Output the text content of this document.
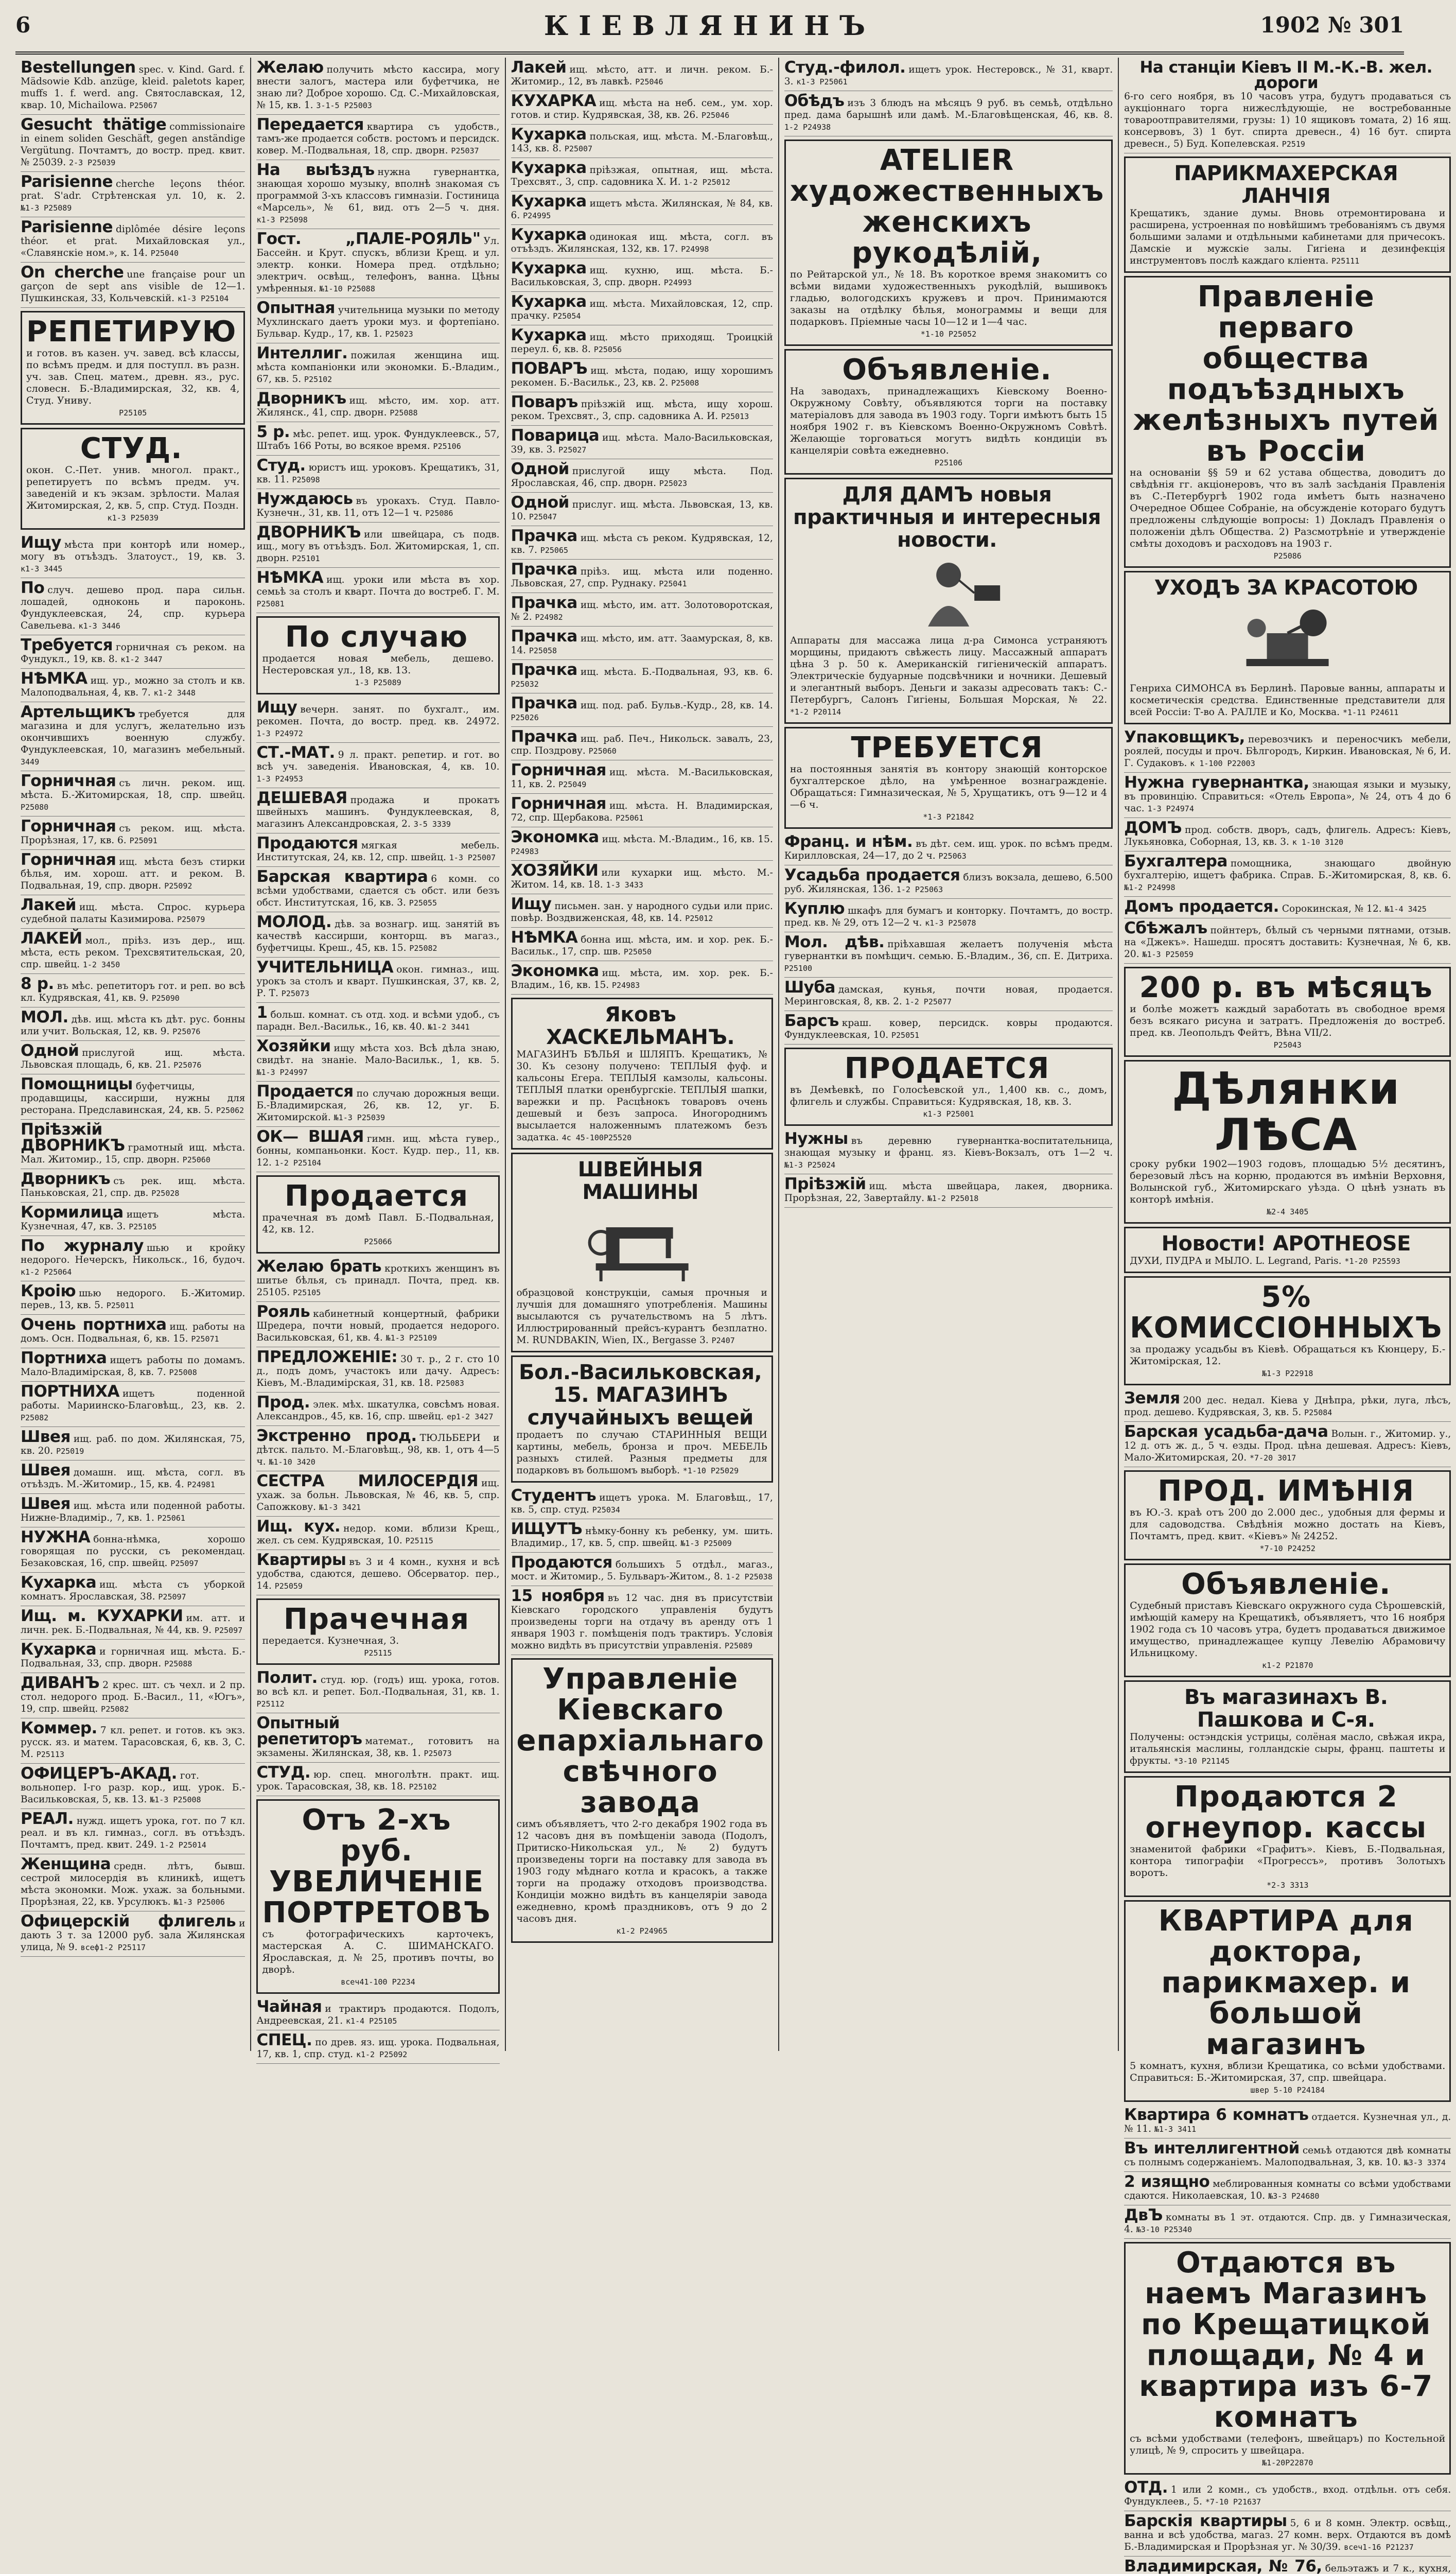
6	КІЕВЛЯНИНЪ	1902 № 301
Bestellungen spec. v. Kind. Gard. f. Mädsowie Kdb. anzüge, kleid. paletots kaper, muffs 1. f. werd. ang. Святославская, 12, квар. 10, Michailowa. Р25067
Gesucht thätige commissionaire in einem soliden Geschäft, gegen anständige Vergütung. Почтамтъ, до востр. пред. квит. № 25039. 2-3 Р25039
Parisienne cherche leçons théor. prat. S'adr. Стрѣтенская ул. 10, к. 2. №1-3 Р25089
Parisienne diplômée désire leçons théor. et prat. Михайловская ул., «Славянскіе ном.», к. 14. Р25040
On cherche une française pour un garçon de sept ans visible de 12—1. Пушкинская, 33, Кольчевскій. к1-3 Р25104
РЕПЕТИРУЮ
и готов. въ казен. уч. завед. всѣ классы, по всѣмъ предм. и для поступл. въ разн. уч. зав. Спец. матем., древн. яз., рус. словесн. Б.-Владимирская, 32, кв. 4, Студ. Униву.
Р25105
СТУД.
окон. С.-Пет. унив. многол. практ., репетируетъ по всѣмъ предм. уч. заведеній и къ экзам. зрѣлости. Малая Житомирская, 2, кв. 5, спр. Студ. Поздн.
к1-3 Р25039
Ищу мѣста при конторѣ или номер., могу въ отъѣздъ. Златоуст., 19, кв. 3. к1-3 3445
По случ. дешево прод. пара сильн. лошадей, одноконь и пароконь. Фундуклеевская, 24, спр. курьера Савельева. к1-3 3446
Требуется горничная съ реком. на Фундукл., 19, кв. 8. к1-2 3447
НѢМКА ищ. ур., можно за столъ и кв. Малоподвальная, 4, кв. 7. к1-2 3448
Артельщикъ требуется для магазина и для услугъ, желательно изъ окончившихъ военную службу. Фундуклеевская, 10, магазинъ мебельный. 3449
Горничная съ личн. реком. ищ. мѣста. Б.-Житомирская, 18, спр. швейц. Р25080
Горничная съ реком. ищ. мѣста. Прорѣзная, 17, кв. 6. Р25091
Горничная ищ. мѣста безъ стирки бѣлья, им. хорош. атт. и реком. В. Подвальная, 19, спр. дворн. Р25092
Лакей ищ. мѣста. Спрос. курьера судебной палаты Казимирова. Р25079
ЛАКЕЙ мол., пріѣз. изъ дер., ищ. мѣста, есть реком. Трехсвятительская, 20, спр. швейц. 1-2 3450
8 р. въ мѣс. репетиторъ гот. и реп. во всѣ кл. Кудрявская, 41, кв. 9. Р25090
МОЛ. дѣв. ищ. мѣста къ дѣт. рус. бонны или учит. Вольская, 12, кв. 9. Р25076
Одной прислугой ищ. мѣста. Львовская площадь, 6, кв. 21. Р25076
Помощницы буфетчицы, продавщицы, кассирши, нужны для ресторана. Предславинская, 24, кв. 5. Р25062
Пріѣзжій ДВОРНИКЪ грамотный ищ. мѣста. Мал. Житомир., 15, спр. дворн. Р25060
Дворникъ съ рек. ищ. мѣста. Паньковская, 21, спр. дв. Р25028
Кормилица ищетъ мѣста. Кузнечная, 47, кв. 3. Р25105
По журналу шью и кройку недорого. Нечерскъ, Никольск., 16, будоч. к1-2 Р25064
Кроію шью недорого. Б.-Житомир. перев., 13, кв. 5. Р25011
Очень портниха ищ. работы на домъ. Осн. Подвальная, 6, кв. 15. Р25071
Портниха ищетъ работы по домамъ. Мало-Владимірская, 8, кв. 7. Р25008
ПОРТНИХА ищетъ поденной работы. Мариинско-Благовѣщ., 23, кв. 2. Р25082
Швея ищ. раб. по дом. Жилянская, 75, кв. 20. Р25019
Швея домашн. ищ. мѣста, согл. въ отъѣздъ. М.-Житомир., 15, кв. 4. Р24981
Швея ищ. мѣста или поденной работы. Нижне-Владимір., 7, кв. 1. Р25061
НУЖНА бонна-нѣмка, хорошо говорящая по русски, съ рекомендац. Безаковская, 16, спр. швейц. Р25097
Кухарка ищ. мѣста съ уборкой комнатъ. Ярославская, 38. Р25097
Ищ. м. КУХАРКИ им. атт. и личн. рек. Б.-Подвальная, № 44, кв. 9. Р25097
Кухарка и горничная ищ. мѣста. Б.-Подвальная, 33, спр. дворн. Р25088
ДИВАНЪ 2 крес. шт. съ чехл. и 2 пр. стол. недорого прод. Б.-Васил., 11, «Югъ», 19, спр. швейц. Р25082
Коммер. 7 кл. репет. и готов. къ экз. русск. яз. и матем. Тарасовская, 6, кв. 3, С. М. Р25113
ОФИЦЕРЪ-АКАД. гот. вольнопер. I-го разр. кор., ищ. урок. Б.-Васильковская, 5, кв. 13. №1-3 Р25008
РЕАЛ. нужд. ищетъ урока, гот. по 7 кл. реал. и въ кл. гимназ., согл. въ отъѣздъ. Почтамтъ, пред. квит. 249. 1-2 Р25014
Женщина средн. лѣтъ, бывш. сестрой милосердія въ клиникѣ, ищетъ мѣста экономки. Мож. ухаж. за больными. Прорѣзная, 22, кв. Урсулюкъ. №1-3 Р25006
Офицерскій флигель и дають 3 т. за 12000 руб. зала Жилянская улица, № 9. всеф1-2 Р25117
Желаю получить мѣсто кассира, могу внести залогъ, мастера или буфетчика, не знаю ли? Доброе хорошо. Сд. С.-Михайловская, № 15, кв. 1. 3-1-5 Р25003
Передается квартира съ удобств., тамъ-же продается собств. ростомъ и персидск. ковер. М.-Подвальная, 18, спр. дворн. Р25037
На выѣздъ нужна гувернантка, знающая хорошо музыку, вполнѣ знакомая съ программой 3-хъ классовъ гимназіи. Гостиница «Марсель», № 61, вид. отъ 2—5 ч. дня. к1-3 Р25098
Гост. „ПАЛЕ-РОЯЛЬ" Ул. Бассейн. и Крут. спускъ, вблизи Крещ. и ул. электр. конки. Номера пред. отдѣльно; электрич. освѣщ., телефонъ, ванна. Цѣны умѣренныя. №1-10 Р25088
Опытная учительница музыки по методу Мухлинскаго даетъ уроки муз. и фортепіано. Бульвар. Кудр., 17, кв. 1. Р25023
Интеллиг. пожилая женщина ищ. мѣста компаніонки или экономки. Б.-Владим., 67, кв. 5. Р25102
Дворникъ ищ. мѣсто, им. хор. атт. Жилянск., 41, спр. дворн. Р25088
5 р. мѣс. репет. ищ. урок. Фундуклеевск., 57, Штабъ 166 Роты, во всякое время. Р25106
Студ. юристъ ищ. уроковъ. Крещатикъ, 31, кв. 11. Р25098
Нуждаюсь въ урокахъ. Студ. Павло-Кузнечн., 31, кв. 11, отъ 12—1 ч. Р25086
ДВОРНИКЪ или швейцара, съ подв. ищ., могу въ отъѣздъ. Бол. Житомирская, 1, сп. дворн. Р25101
НѢМКА ищ. уроки или мѣста въ хор. семьѣ за столъ и кварт. Почта до востреб. Г. М. Р25081
По случаю
продается новая мебель, дешево. Нестеровская ул., 18, кв. 13.
1-3 Р25089
Ищу вечерн. занят. по бухгалт., им. рекомен. Почта, до востр. пред. кв. 24972. 1-3 Р24972
СТ.-МАТ. 9 л. практ. репетир. и гот. во всѣ уч. заведенія. Ивановская, 4, кв. 10. 1-3 Р24953
ДЕШЕВАЯ продажа и прокатъ швейныхъ машинъ. Фундуклеевская, 8, магазинъ Александровская, 2. 3-5 3339
Продаются мягкая мебель. Институтская, 24, кв. 12, спр. швейц. 1-3 Р25007
Барская квартира 6 комн. со всѣми удобствами, сдается съ обст. или безъ обст. Институтская, 16, кв. 3. Р25055
МОЛОД. дѣв. за вознагр. ищ. занятій въ качествѣ кассирши, конторщ. въ магаз., буфетчицы. Креш., 45, кв. 15. Р25082
УЧИТЕЛЬНИЦА окон. гимназ., ищ. урокъ за столъ и кварт. Пушкинская, 37, кв. 2, Р. Т. Р25073
1 больш. комнат. съ отд. ход. и всѣми удоб., съ парадн. Вел.-Васильк., 16, кв. 40. №1-2 3441
Хозяйки ищу мѣста хоз. Всѣ дѣла знаю, свидѣт. на знаніе. Мало-Васильк., 1, кв. 5. №1-3 Р24997
Продается по случаю дорожныя вещи. Б.-Владимирская, 26, кв. 12, уг. Б. Житомирской. №1-3 Р25039
ОК— ВШАЯ гимн. ищ. мѣста гувер., бонны, компаньонки. Кост. Кудр. пер., 11, кв. 12. 1-2 Р25104
Продается
прачечная въ домѣ Павл. Б.-Подвальная, 42, кв. 12.
Р25066
Желаю брать кроткихъ женщинъ въ шитье бѣлья, съ принадл. Почта, пред. кв. 25105. Р25105
Рояль кабинетный концертный, фабрики Шредера, почти новый, продается недорого. Васильковская, 61, кв. 4. №1-3 Р25109
ПРЕДЛОЖЕНІЕ: 30 т. р., 2 г. сто 10 д., подъ домъ, участокъ или дачу. Адресъ: Кіевъ, М.-Владимірская, 31, кв. 18. Р25083
Прод. элек. мѣх. шкатулка, совсѣмъ новая. Александров., 45, кв. 16, спр. швейц. ер1-2 3427
Экстренно прод. ТЮЛЬБЕРИ и дѣтск. пальто. М.-Благовѣщ., 98, кв. 1, отъ 4—5 ч. №1-10 3420
СЕСТРА МИЛОСЕРДІЯ ищ. ухаж. за больн. Львовская, № 46, кв. 5, спр. Сапожкову. №1-3 3421
Ищ. кух. недор. коми. вблизи Крещ., жел. съ сем. Кудрявская, 10. Р25115
Квартиры въ 3 и 4 комн., кухня и всѣ удобства, сдаются, дешево. Обсерватор. пер., 14. Р25059
Прачечная
передается. Кузнечная, 3.
Р25115
Полит. студ. юр. (годъ) ищ. урока, готов. во всѣ кл. и репет. Бол.-Подвальная, 31, кв. 1. Р25112
Опытный репетиторъ математ., готовитъ на экзамены. Жилянская, 38, кв. 1. Р25073
СТУД. юр. спец. многолѣтн. практ. ищ. урок. Тарасовская, 38, кв. 18. Р25102
Отъ 2-хъ руб. УВЕЛИЧЕНІЕ ПОРТРЕТОВЪ
съ фотографическихъ карточекъ, мастерская А. С. ШИМАНСКАГО. Ярославская, д. № 25, противъ почты, во дворѣ.
всеч41-100 Р2234
Чайная и трактиръ продаются. Подолъ, Андреевская, 21. к1-4 Р25105
СПЕЦ. по древ. яз. ищ. урока. Подвальная, 17, кв. 1, спр. студ. к1-2 Р25092
Лакей ищ. мѣсто, атт. и личн. реком. Б.-Житомир., 12, въ лавкѣ. Р25046
КУХАРКА ищ. мѣста на неб. сем., ум. хор. готов. и стир. Кудрявская, 38, кв. 26. Р25046
Кухарка польская, ищ. мѣста. М.-Благовѣщ., 143, кв. 8. Р25007
Кухарка пріѣзжая, опытная, ищ. мѣста. Трехсвят., 3, спр. садовника Х. И. 1-2 Р25012
Кухарка ищетъ мѣста. Жилянская, № 84, кв. 6. Р24995
Кухарка одинокая ищ. мѣста, согл. въ отъѣздъ. Жилянская, 132, кв. 17. Р24998
Кухарка ищ. кухню, ищ. мѣста. Б.-Васильковская, 3, спр. дворн. Р24993
Кухарка ищ. мѣста. Михайловская, 12, спр. прачку. Р25054
Кухарка ищ. мѣсто приходящ. Троицкій переул. 6, кв. 8. Р25056
ПОВАРЪ ищ. мѣста, подаю, ищу хорошимъ рекомен. Б.-Васильк., 23, кв. 2. Р25008
Поваръ пріѣзжій ищ. мѣста, ищу хорош. реком. Трехсвят., 3, спр. садовника А. И. Р25013
Поварица ищ. мѣста. Мало-Васильковская, 39, кв. 3. Р25027
Одной прислугой ищу мѣста. Под. Ярославская, 46, спр. дворн. Р25023
Одной прислуг. ищ. мѣста. Львовская, 13, кв. 10. Р25047
Прачка ищ. мѣста съ реком. Кудрявская, 12, кв. 7. Р25065
Прачка пріѣз. ищ. мѣста или поденно. Львовская, 27, спр. Руднаку. Р25041
Прачка ищ. мѣсто, им. атт. Золотоворотская, № 2. Р24982
Прачка ищ. мѣсто, им. атт. Заамурская, 8, кв. 14. Р25058
Прачка ищ. мѣста. Б.-Подвальная, 93, кв. 6. Р25032
Прачка ищ. под. раб. Бульв.-Кудр., 28, кв. 14. Р25026
Прачка ищ. раб. Печ., Никольск. завалъ, 23, спр. Поздрову. Р25060
Горничная ищ. мѣста. М.-Васильковская, 11, кв. 2. Р25049
Горничная ищ. мѣста. Н. Владимирская, 72, спр. Щербакова. Р25061
Экономка ищ. мѣста. М.-Владим., 16, кв. 15. Р24983
ХОЗЯЙКИ или кухарки ищ. мѣсто. М.-Житом. 14, кв. 18. 1-3 3433
Ищу письмен. зан. у народного судьи или прис. повѣр. Воздвиженская, 48, кв. 14. Р25012
НѢМКА бонна ищ. мѣста, им. и хор. рек. Б.-Васильк., 17, спр. шв. Р25050
Экономка ищ. мѣста, им. хор. рек. Б.-Владим., 16, кв. 15. Р24983
Яковъ ХАСКЕЛЬМАНЪ.
МАГАЗИНЪ БѢЛЬЯ и ШЛЯПЪ. Крещатикъ, № 30. Къ сезону получено: ТЕПЛЫЯ фуф. и кальсоны Егера. ТЕПЛЫЯ камзолы, кальсоны. ТЕПЛЫЯ платки оренбургскіе. ТЕПЛЫЯ шапки, варежки и пр. Расцѣнокъ товаровъ очень дешевый и безъ запроса. Иногороднимъ высылается наложеннымъ платежомъ безъ задатка. 4с 45-100Р25520
ШВЕЙНЫЯ МАШИНЫ
образцовой конструкціи, самыя прочныя и лучшія для домашняго употребленія. Машины высылаются съ ручательствомъ на 5 лѣтъ. Иллюстрированный прейсъ-курантъ безплатно. M. RUNDBAKIN, Wien, IX., Bergasse 3. Р2407
Бол.-Васильковская, 15. МАГАЗИНЪ случайныхъ вещей
продаетъ по случаю СТАРИННЫЯ ВЕЩИ картины, мебель, бронза и проч. МЕБЕЛЬ разныхъ стилей. Разныя предметы для подарковъ въ большомъ выборѣ. *1-10 Р25029
Студентъ ищетъ урока. М. Благовѣщ., 17, кв. 5, спр. студ. Р25034
ИЩУТЪ нѣмку-бонну къ ребенку, ум. шить. Владимир., 17, кв. 5, спр. швейц. №1-3 Р25009
Продаются большихъ 5 отдѣл., магаз., мост. и Житомир., 5. Бульваръ-Житом., 8. 1-2 Р25038
15 ноября въ 12 час. дня въ присутствіи Кіевскаго городского управленія будутъ произведены торги на отдачу въ аренду отъ 1 января 1903 г. помѣщенія подъ трактиръ. Условія можно видѣть въ присутствіи управленія. Р25089
Управленіе Кіевскаго епархіальнаго свѣчного завода
симъ объявляетъ, что 2-го декабря 1902 года въ 12 часовъ дня въ помѣщеніи завода (Подолъ, Притиско-Никольская ул., № 2) будутъ произведены торги на поставку для завода въ 1903 году мѣднаго котла и красокъ, а также торги на продажу отходовъ производства. Кондиціи можно видѣть въ канцеляріи завода ежедневно, кромѣ праздниковъ, отъ 9 до 2 часовъ дня.
к1-2 Р24965
Студ.-филол. ищетъ урок. Нестеровск., № 31, кварт. 3. к1-3 Р25061
Обѣдъ изъ 3 блюдъ на мѣсяцъ 9 руб. въ семьѣ, отдѣльно пред. дама барышнѣ или дамѣ. М.-Благовѣщенская, 46, кв. 8. 1-2 Р24938
ATELIER художественныхъ женскихъ рукодѣлій,
по Рейтарской ул., № 18. Въ короткое время знакомитъ со всѣми видами художественныхъ рукодѣлій, вышивокъ гладью, вологодскихъ кружевъ и проч. Принимаются заказы на отдѣлку бѣлья, монограммы и вещи для подарковъ. Пріемные часы 10—12 и 1—4 час.
*1-10 Р25052
Объявленіе.
На заводахъ, принадлежащихъ Кіевскому Военно-Окружному Совѣту, объявляются торги на поставку матеріаловъ для завода въ 1903 году. Торги имѣютъ быть 15 ноября 1902 г. въ Кіевскомъ Военно-Окружномъ Совѣтѣ. Желающіе торговаться могутъ видѣть кондиціи въ канцеляріи совѣта ежедневно.
Р25106
ДЛЯ ДАМЪ новыя практичныя и интересныя новости.
Аппараты для массажа лица д-ра Симонса устраняютъ морщины, придаютъ свѣжесть лицу. Массажный аппаратъ цѣна 3 р. 50 к. Американскій гигіеническій аппаратъ. Электрическіе будуарные подсвѣчники и ночники. Дешевый и элегантный выборъ. Деньги и заказы адресовать такъ: С.-Петербургъ, Салонъ Гигіены, Большая Морская, № 22. *1-2 Р20114
ТРЕБУЕТСЯ
на постоянныя занятія въ контору знающій конторское бухгалтерское дѣло, на умѣренное вознагражденіе. Обращаться: Гимназическая, № 5, Хрущатикъ, отъ 9—12 и 4—6 ч.
*1-3 Р21842
Франц. и нѣм. въ дѣт. сем. ищ. урок. по всѣмъ предм. Кирилловская, 24—17, до 2 ч. Р25063
Усадьба продается близъ вокзала, дешево, 6.500 руб. Жилянская, 136. 1-2 Р25063
Куплю шкафъ для бумагъ и конторку. Почтамтъ, до востр. пред. кв. № 29, отъ 12—2 ч. к1-3 Р25078
Мол. дѣв. пріѣхавшая желаетъ полученія мѣста гувернантки въ помѣщич. семью. Б.-Владим., 36, сп. Е. Дитриха. Р25100
Шуба дамская, кунья, почти новая, продается. Меринговская, 8, кв. 2. 1-2 Р25077
Барсъ краш. ковер, персидск. ковры продаются. Фундуклеевская, 10. Р25051
ПРОДАЕТСЯ
въ Демѣевкѣ, по Голосѣевской ул., 1,400 кв. с., домъ, флигель и службы. Справиться: Кудрявская, 18, кв. 3.
к1-3 Р25001
Нужны въ деревню гувернантка-воспитательница, знающая музыку и франц. яз. Кіевъ-Вокзалъ, отъ 1—2 ч. №1-3 Р25024
Пріѣзжій ищ. мѣста швейцара, лакея, дворника. Прорѣзная, 22, Завертайлу. №1-2 Р25018
На станціи Кіевъ II М.-К.-В. жел. дороги
6-го сего ноября, въ 10 часовъ утра, будутъ продаваться съ аукціоннаго торга нижеслѣдующіе, не востребованные товароотправителями, грузы: 1) 10 ящиковъ томата, 2) 16 ящ. консервовъ, 3) 1 бут. спирта древесн., 4) 16 бут. спирта древесн., 5) Буд. Копелевская. Р2519
ПАРИКМАХЕРСКАЯ ЛАНЧІЯ
Крещатикъ, здание думы. Вновь отремонтирована и расширена, устроенная по новѣйшимъ требованіямъ съ двумя большими залами и отдѣльными кабинетами для причесокъ. Дамскіе и мужскіе залы. Гигіена и дезинфекція инструментовъ послѣ каждаго кліента. Р25111
Правленіе перваго общества подъѣздныхъ желѣзныхъ путей въ Россіи
на основаніи §§ 59 и 62 устава общества, доводитъ до свѣдѣнія гг. акціонеровъ, что въ залѣ засѣданія Правленія въ С.-Петербургѣ 1902 года имѣетъ быть назначено Очередное Общее Собраніе, на обсужденіе котораго будутъ предложены слѣдующіе вопросы: 1) Докладъ Правленія о положеніи дѣлъ Общества. 2) Разсмотрѣніе и утвержденіе смѣты доходовъ и расходовъ на 1903 г.
Р25086
УХОДЪ ЗА КРАСОТОЮ
Генриха СИМОНСА въ Берлинѣ. Паровые ванны, аппараты и косметическія средства. Единственные представители для всей Россіи: Т-во А. РАЛЛЕ и Ко, Москва. *1-11 Р24611
Упаковщикъ, перевозчикъ и переносчикъ мебели, роялей, посуды и проч. Бѣлгородъ, Киркин. Ивановская, № 6, И. Г. Судаковъ. к 1-100 Р22003
Нужна гувернантка, знающая языки и музыку, въ провинцію. Справиться: «Отель Европа», № 24, отъ 4 до 6 час. 1-3 Р24974
ДОМЪ прод. собств. дворъ, садъ, флигель. Адресъ: Кіевъ, Лукьяновка, Соборная, 13, кв. 3. к 1-10 3120
Бухгалтера помощника, знающаго двойную бухгалтерію, ищетъ фабрика. Справ. Б.-Житомирская, 8, кв. 6. №1-2 Р24998
Домъ продается. Сорокинская, № 12. №1-4 3425
Сбѣжалъ пойнтеръ, бѣлый съ черными пятнами, отзыв. на «Джекъ». Нашедш. просятъ доставить: Кузнечная, № 6, кв. 20. №1-3 Р25059
200 р. въ мѣсяцъ
и болѣе можетъ каждый заработать въ свободное время безъ всякаго рисуна и затратъ. Предложенія до востреб. пред. кв. Леопольдъ Фейтъ, Вѣна VII/2.
Р25043
Дѣлянки ЛѢСА
сроку рубки 1902—1903 годовъ, площадью 5½ десятинъ, березовый лѣсъ на корню, продаются въ имѣніи Верховня, Волынской губ., Житомирскаго уѣзда. О цѣнѣ узнать въ конторѣ имѣнія.
№2-4 3405
Новости! APOTHEOSE
ДУХИ, ПУДРА и МЫЛО. L. Legrand, Paris. *1-20 Р25593
5% КОМИССІОННЫХЪ
за продажу усадьбы въ Кіевѣ. Обращаться къ Кюнцеру, Б.-Житомірская, 12.
№1-3 Р22918
Земля 200 дес. недал. Кіева у Днѣпра, рѣки, луга, лѣсъ, прод. дешево. Кудрявская, 3, кв. 5. Р25084
Барская усадьба-дача Волын. г., Житомир. у., 12 д. отъ ж. д., 5 ч. езды. Прод. цѣна дешевая. Адресъ: Кіевъ, Мало-Житомирская, 20. *7-20 3017
ПРОД. ИМѢНІЯ
въ Ю.-З. краѣ отъ 200 до 2.000 дес., удобныя для фермы и для садоводства. Свѣдѣнія можно достать на Кіевъ, Почтамтъ, пред. квит. «Кіевъ» № 24252.
*7-10 Р24252
Объявленіе.
Судебный приставъ Кіевскаго окружного суда Сѣрошевскій, имѣющій камеру на Крещатикѣ, объявляетъ, что 16 ноября 1902 года съ 10 часовъ утра, будетъ продаваться движимое имущество, принадлежащее купцу Левелію Абрамовичу Ильницкому.
к1-2 Р21870
Въ магазинахъ В. Пашкова и С-я.
Получены: остэндскія устрицы, солёная масло, свѣжая икра, итальянскія маслины, голландскіе сыры, франц. паштеты и фрукты. *3-10 Р21145
Продаются 2 огнеупор. кассы
знаменитой фабрики «Графитъ». Кіевъ, Б.-Подвальная, контора типографіи «Прогрессъ», противъ Золотыхъ воротъ.
*2-3 3313
КВАРТИРА для доктора, парикмахер. и большой магазинъ
5 комнатъ, кухня, вблизи Крещатика, со всѣми удобствами. Справиться: Б.-Житомирская, 37, спр. швейцара.
швер 5-10 Р24184
Квартира 6 комнатъ отдается. Кузнечная ул., д. № 11. №1-3 3411
Въ интеллигентной семьѣ отдаются двѣ комнаты съ полнымъ содержаніемъ. Малоподвальная, 3, кв. 10. №3-3 3374
2 изящно меблированныя комнаты со всѣми удобствами сдаются. Николаевская, 10. №3-3 Р24680
ДвЪ комнаты въ 1 эт. отдаются. Спр. дв. у Гимназическая, 4. №3-10 Р25340
Отдаются въ наемъ Магазинъ по Крещатицкой площади, № 4 и квартира изъ 6-7 комнатъ
съ всѣми удобствами (телефонъ, швейцаръ) по Костельной улицѣ, № 9, спросить у швейцара.
№1-20Р22870
ОТД. 1 или 2 комн., съ удобств., вход. отдѣльн. отъ себя. Фундуклеев., 5. *7-10 Р21637
Барскія квартиры 5, 6 и 8 комн. Электр. освѣщ., ванна и всѣ удобства, магаз. 27 комн. верх. Отдаются въ домѣ Б.-Владимирская и Прорѣзная уг. № 30/39. всеч1-16 Р21237
Владимирская, № 76, бельэтажъ и 7 к., кухня,
